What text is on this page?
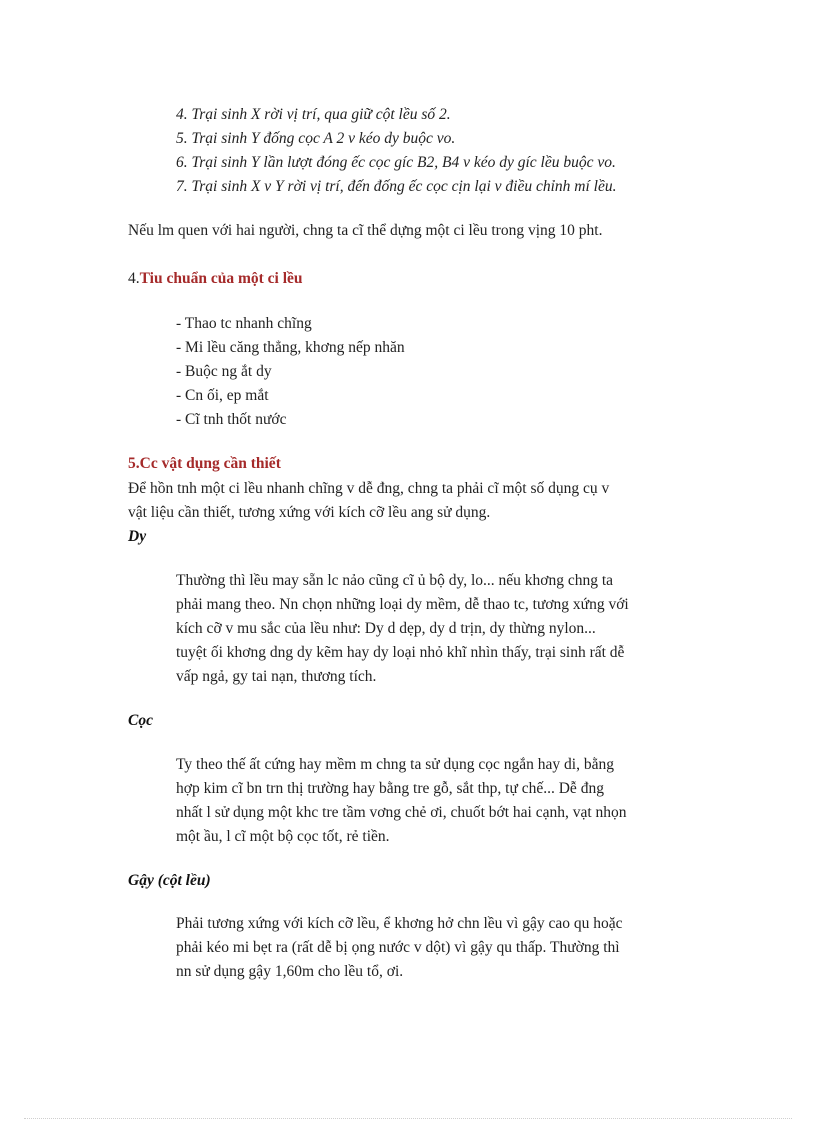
4. Trại sinh X rời vị trí, qua giữ cột lều số 2.
5. Trại sinh Y đống cọc A 2 v kéo dy buộc vo.
6. Trại sinh Y lần lượt đóng ếc cọc gíc B2, B4 v kéo dy gíc lều buộc vo.
7. Trại sinh X v Y rời vị trí, đến đống ếc cọc cịn lại v điều chỉnh mí lều.
Nếu lm quen với hai người, chng ta cĩ thể dựng một ci lều trong vịng 10 pht.
4.Tiu chuẩn của một ci lều
- Thao tc nhanh chĩng
- Mi lều căng thẳng, khơng nếp nhăn
- Buộc ng ắt dy
- Cn ối, ep mắt
- Cĩ tnh thốt nước
5.Cc vật dụng cần thiết
Để hồn tnh một ci lều nhanh chĩng v dễ đng, chng ta phải cĩ một số dụng cụ v
vật liệu cần thiết, tương xứng với kích cỡ lều ang sử dụng.
Dy
Thường thì lều may sẵn lc nảo cũng cĩ ủ bộ dy, lo... nếu khơng chng ta
phải mang theo. Nn chọn những loại dy mềm, dễ thao tc, tương xứng với
kích cỡ v mu sắc của lều như: Dy d dẹp, dy d trịn, dy thừng nylon...
tuyệt ối khơng dng dy kẽm hay dy loại nhỏ khĩ nhìn thấy, trại sinh rất dễ
vấp ngả, gy tai nạn, thương tích.
Cọc
Ty theo thế ất cứng hay mềm m chng ta sử dụng cọc ngắn hay di, bằng
hợp kim cĩ bn trn thị trường hay bằng tre gỗ, sắt thp, tự chế... Dễ đng
nhất l sử dụng một khc tre tầm vơng chẻ ơi, chuốt bớt hai cạnh, vạt nhọn
một ầu, l cĩ một bộ cọc tốt, rẻ tiền.
Gậy (cột lều)
Phải tương xứng với kích cỡ lều, ể khơng hở chn lều vì gậy cao qu hoặc
phải kéo mi bẹt ra (rất dễ bị ọng nước v dột) vì gậy qu thấp. Thường thì
nn sử dụng gậy 1,60m cho lều tổ, ơi.
